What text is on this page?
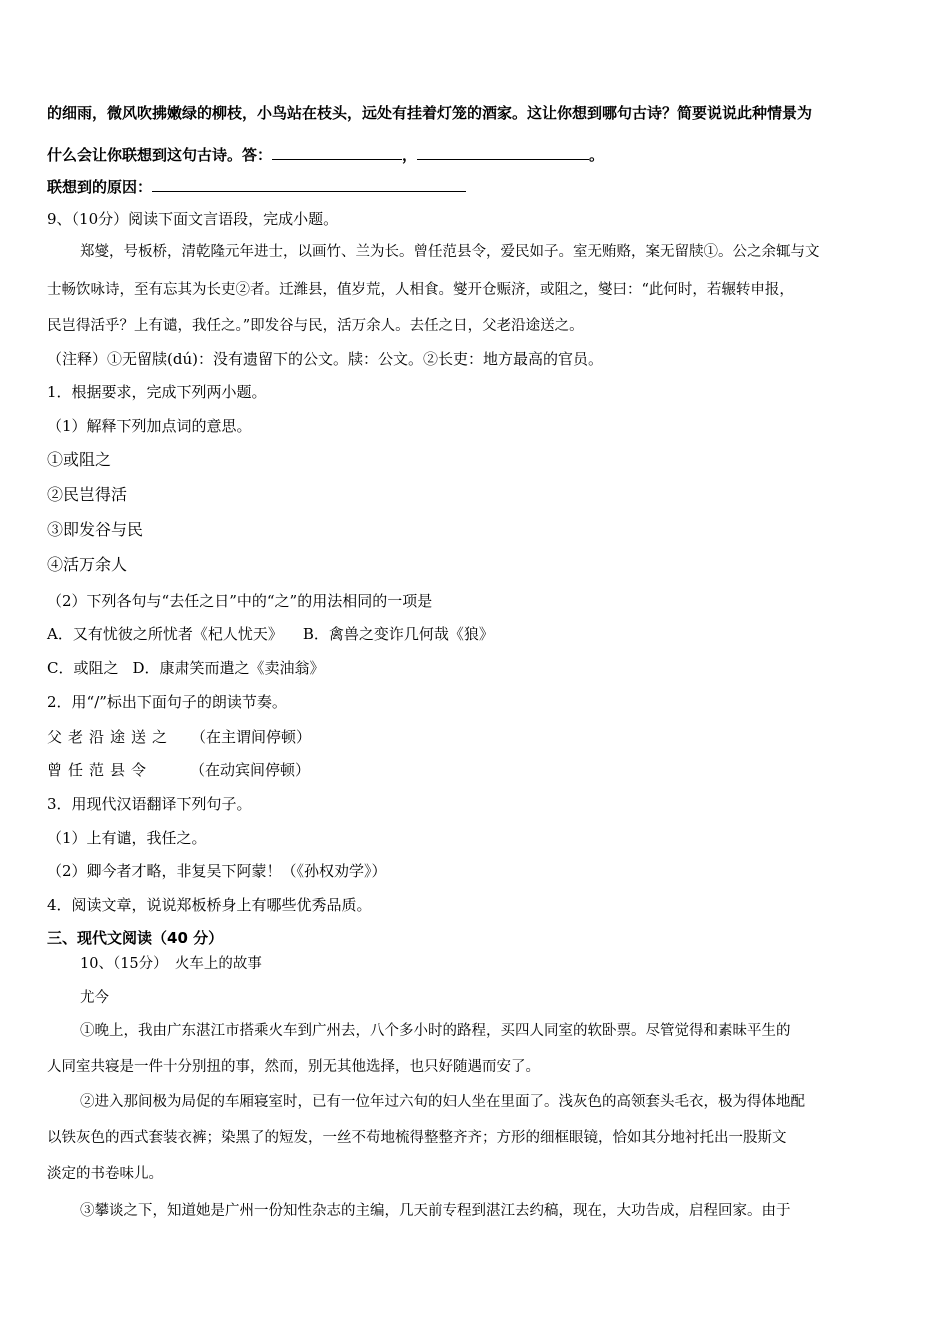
的细雨，微风吹拂嫩绿的柳枝，小鸟站在枝头，远处有挂着灯笼的酒家。这让你想到哪句古诗？简要说说此种情景为
什么会让你联想到这句古诗。答：	，	。
联想到的原因：
9、（10分）阅读下面文言语段，完成小题。
郑燮，号板桥，清乾隆元年进士，以画竹、兰为长。曾任范县令，爱民如子。室无贿赂，案无留牍①。公之余辄与文
士畅饮咏诗，至有忘其为长吏②者。迁潍县，值岁荒，人相食。燮开仓赈济，或阻之，燮曰：“此何时，若辗转申报，
民岂得活乎？上有谴，我任之。”即发谷与民，活万余人。去任之日，父老沿途送之。
（注释）①无留牍(dú)：没有遗留下的公文。牍：公文。②长吏：地方最高的官员。
1．根据要求，完成下列两小题。
（1）解释下列加点词的意思。
①或阻之
②民岂得活
③即发谷与民
④活万余人
（2）下列各句与“去任之日”中的“之”的用法相同的一项是
A．又有忧彼之所忧者《杞人忧天》 B．禽兽之变诈几何哉《狼》
C．或阻之 D．康肃笑而遣之《卖油翁》
2．用“/”标出下面句子的朗读节奏。
父老沿途送之 （在主谓间停顿）
曾任范县令	（在动宾间停顿）
3．用现代汉语翻译下列句子。
（1）上有谴，我任之。
（2）卿今者才略，非复吴下阿蒙！（《孙权劝学》）
4．阅读文章，说说郑板桥身上有哪些优秀品质。
三、现代文阅读（40 分）
10、（15分）　火车上的故事
尤今
①晚上，我由广东湛江市搭乘火车到广州去，八个多小时的路程，买四人同室的软卧票。尽管觉得和素昧平生的
人同室共寝是一件十分别扭的事，然而，别无其他选择，也只好随遇而安了。
②进入那间极为局促的车厢寝室时，已有一位年过六旬的妇人坐在里面了。浅灰色的高领套头毛衣，极为得体地配
以铁灰色的西式套装衣裤；染黑了的短发，一丝不苟地梳得整整齐齐；方形的细框眼镜，恰如其分地衬托出一股斯文
淡定的书卷味儿。
③攀谈之下，知道她是广州一份知性杂志的主编，几天前专程到湛江去约稿，现在，大功告成，启程回家。由于
